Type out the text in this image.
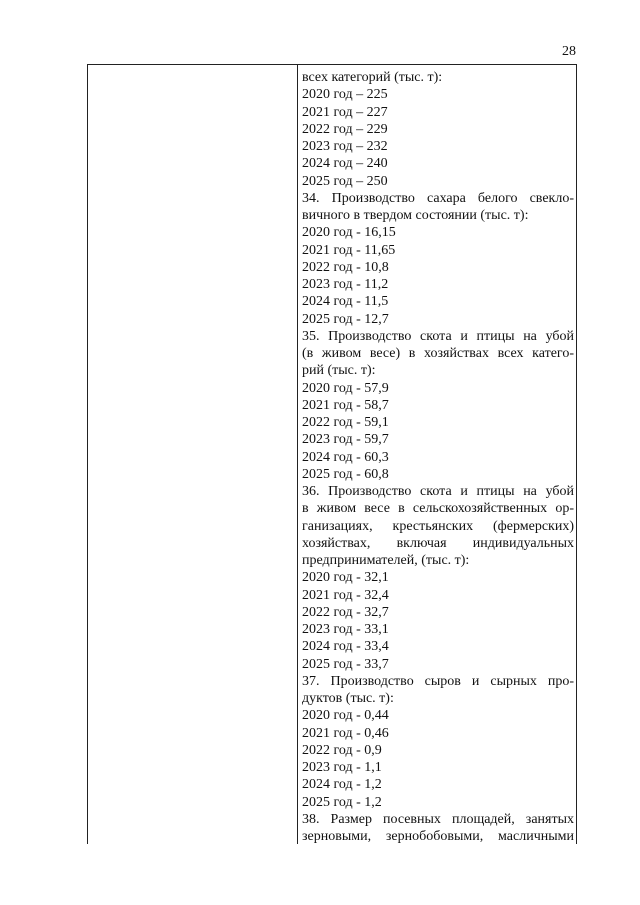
28
всех категорий (тыс. т):
2020 год – 225
2021 год – 227
2022 год – 229
2023 год – 232
2024 год – 240
2025 год – 250
34. Производство сахара белого свекло-
вичного в твердом состоянии (тыс. т):
2020 год - 16,15
2021 год - 11,65
2022 год - 10,8
2023 год - 11,2
2024 год - 11,5
2025 год - 12,7
35. Производство скота и птицы на убой
(в живом весе) в хозяйствах всех катего-
рий (тыс. т):
2020 год - 57,9
2021 год - 58,7
2022 год - 59,1
2023 год - 59,7
2024 год - 60,3
2025 год - 60,8
36. Производство скота и птицы на убой
в живом весе в сельскохозяйственных ор-
ганизациях, крестьянских (фермерских)
хозяйствах, включая индивидуальных
предпринимателей, (тыс. т):
2020 год - 32,1
2021 год - 32,4
2022 год - 32,7
2023 год - 33,1
2024 год - 33,4
2025 год - 33,7
37. Производство сыров и сырных про-
дуктов (тыс. т):
2020 год - 0,44
2021 год - 0,46
2022 год - 0,9
2023 год - 1,1
2024 год - 1,2
2025 год - 1,2
38. Размер посевных площадей, занятых
зерновыми, зернобобовыми, масличными
